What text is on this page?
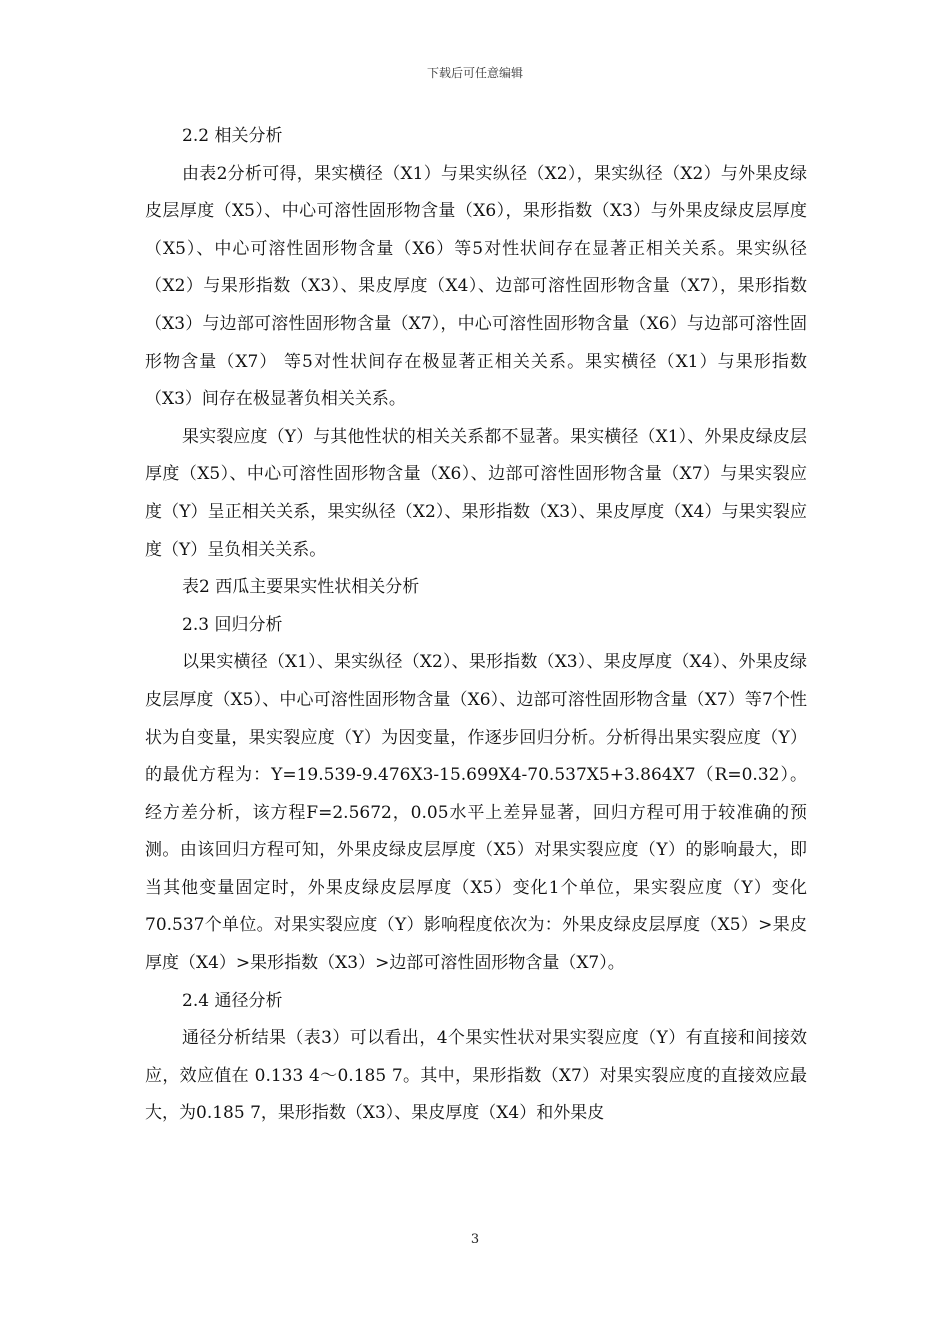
下载后可任意编辑

2.2 相关分析

由表2分析可得，果实横径（X1）与果实纵径（X2），果实纵径（X2）与外果皮绿皮层厚度（X5）、中心可溶性固形物含量（X6），果形指数（X3）与外果皮绿皮层厚度（X5）、中心可溶性固形物含量（X6）等5对性状间存在显著正相关关系。果实纵径（X2）与果形指数（X3）、果皮厚度（X4）、边部可溶性固形物含量（X7），果形指数（X3）与边部可溶性固形物含量（X7），中心可溶性固形物含量（X6）与边部可溶性固形物含量（X7） 等5对性状间存在极显著正相关关系。果实横径（X1）与果形指数（X3）间存在极显著负相关关系。

果实裂应度（Y）与其他性状的相关关系都不显著。果实横径（X1）、外果皮绿皮层厚度（X5）、中心可溶性固形物含量（X6）、边部可溶性固形物含量（X7）与果实裂应度（Y）呈正相关关系，果实纵径（X2）、果形指数（X3）、果皮厚度（X4）与果实裂应度（Y）呈负相关关系。

表2 西瓜主要果实性状相关分析

2.3 回归分析

以果实横径（X1）、果实纵径（X2）、果形指数（X3）、果皮厚度（X4）、外果皮绿皮层厚度（X5）、中心可溶性固形物含量（X6）、边部可溶性固形物含量（X7）等7个性状为自变量，果实裂应度（Y）为因变量，作逐步回归分析。分析得出果实裂应度（Y）的最优方程为：Y=19.539-9.476X3-15.699X4-70.537X5+3.864X7（R=0.32）。经方差分析，该方程F=2.5672，0.05水平上差异显著，回归方程可用于较准确的预测。由该回归方程可知，外果皮绿皮层厚度（X5）对果实裂应度（Y）的影响最大，即当其他变量固定时，外果皮绿皮层厚度（X5）变化1个单位，果实裂应度（Y）变化70.537个单位。对果实裂应度（Y）影响程度依次为：外果皮绿皮层厚度（X5）>果皮厚度（X4）>果形指数（X3）>边部可溶性固形物含量（X7）。

2.4 通径分析

通径分析结果（表3）可以看出，4个果实性状对果实裂应度（Y）有直接和间接效应，效应值在 0.133 4～0.185 7。其中，果形指数（X7）对果实裂应度的直接效应最大，为0.185 7，果形指数（X3）、果皮厚度（X4）和外果皮

3
